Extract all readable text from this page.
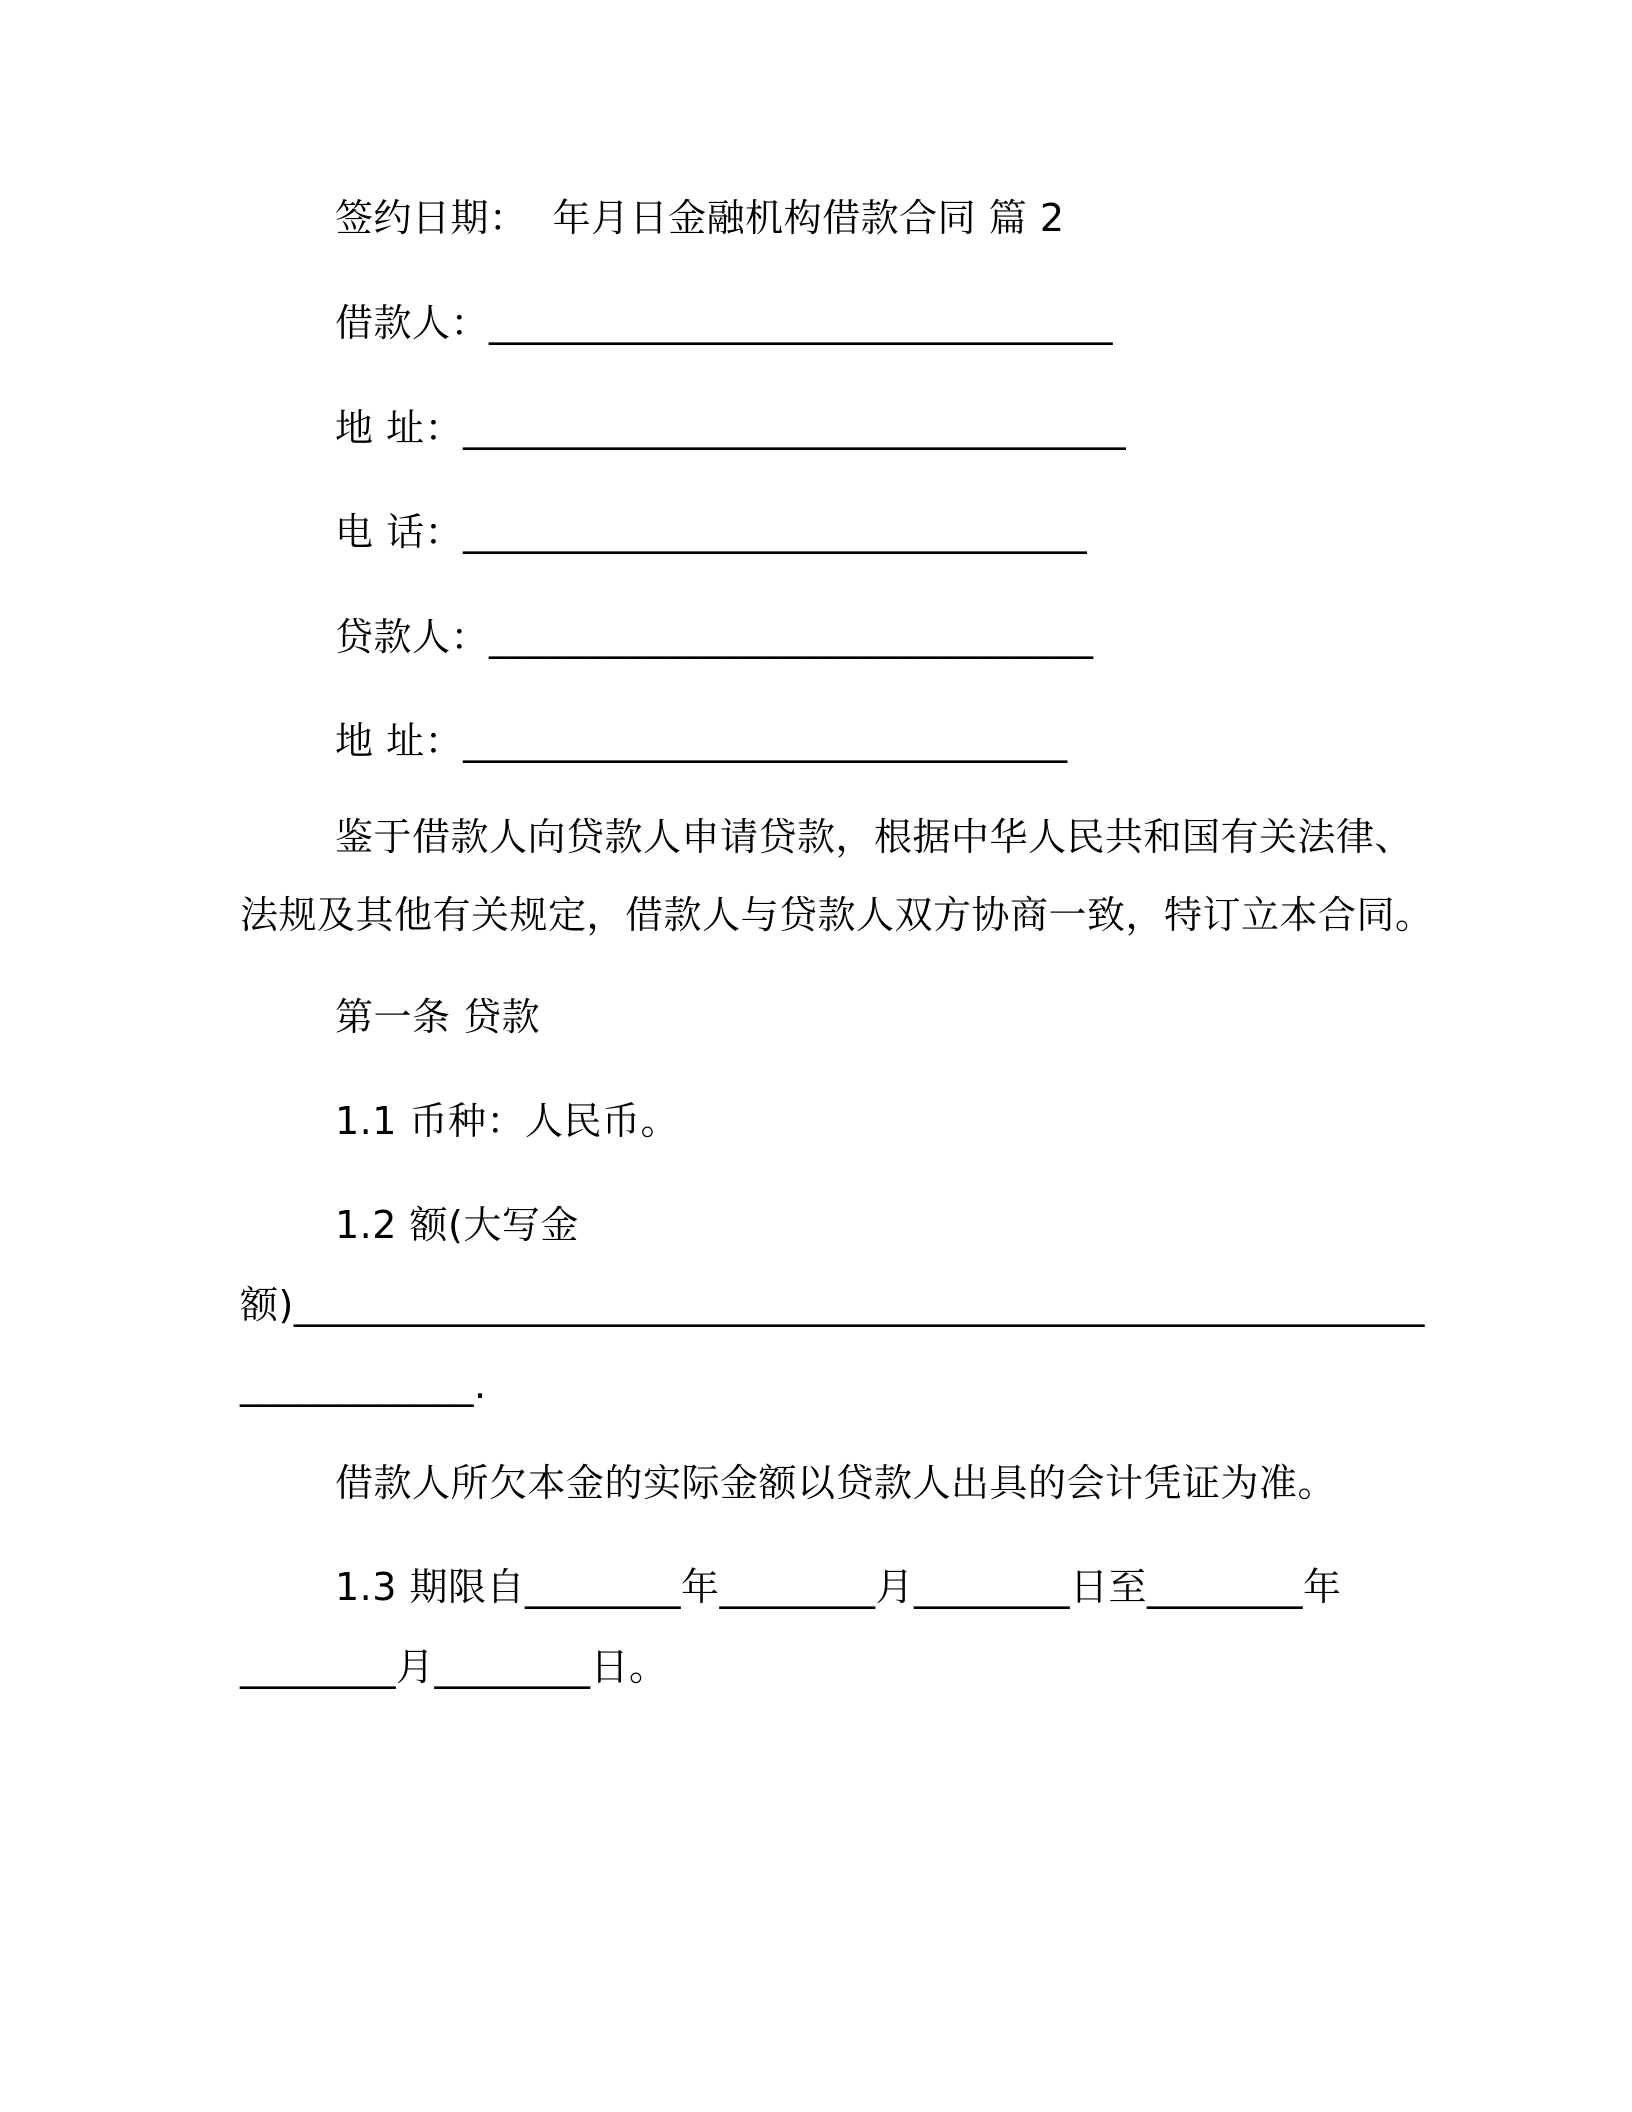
签约日期：  年月日金融机构借款合同 篇 2
借款人：________________________________
地 址：__________________________________
电 话：________________________________
贷款人：_______________________________
地 址：_______________________________
鉴于借款人向贷款人申请贷款，根据中华人民共和国有关法律、
法规及其他有关规定，借款人与贷款人双方协商一致，特订立本合同。
第一条 贷款
1.1 币种：人民币。
1.2 额(大写金
额)__________________________________________________________
____________.
借款人所欠本金的实际金额以贷款人出具的会计凭证为准。
1.3 期限自________年________月________日至________年
________月________日。
